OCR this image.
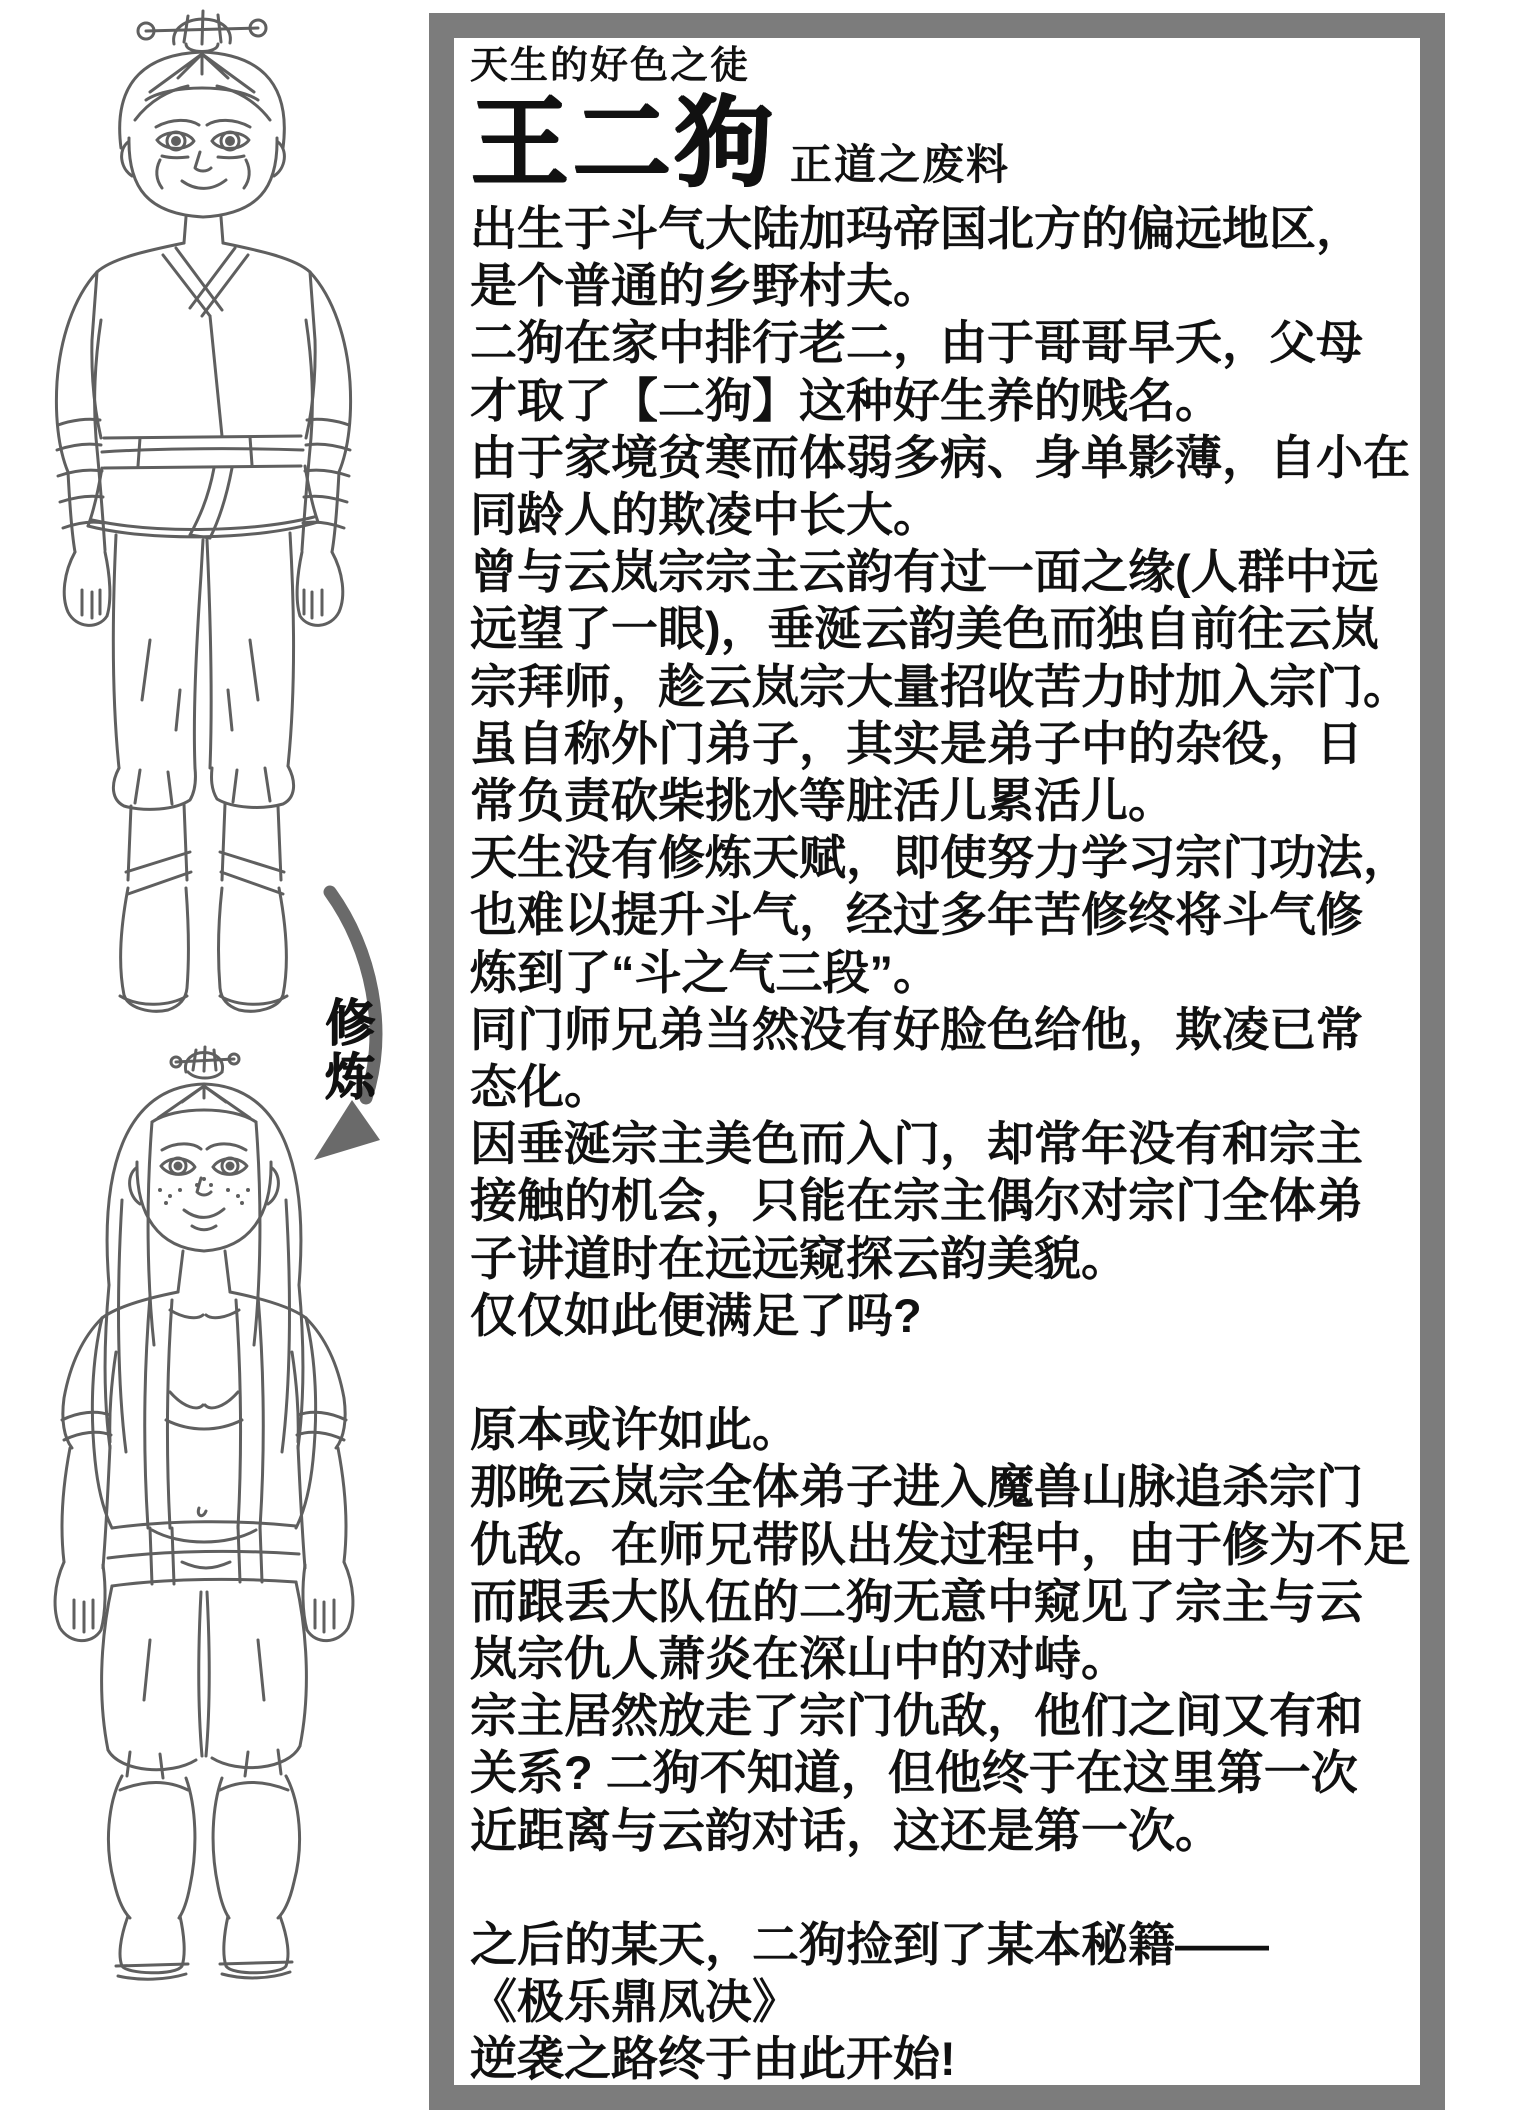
修炼
天生的好色之徒
王二狗 正道之废料
出生于斗气大陆加玛帝国北方的偏远地区，
是个普通的乡野村夫。
二狗在家中排行老二，由于哥哥早夭，父母
才取了【二狗】这种好生养的贱名。
由于家境贫寒而体弱多病、身单影薄，自小在
同龄人的欺凌中长大。
曾与云岚宗宗主云韵有过一面之缘(人群中远
远望了一眼)，垂涎云韵美色而独自前往云岚
宗拜师，趁云岚宗大量招收苦力时加入宗门。
虽自称外门弟子，其实是弟子中的杂役，日
常负责砍柴挑水等脏活儿累活儿。
天生没有修炼天赋，即使努力学习宗门功法，
也难以提升斗气，经过多年苦修终将斗气修
炼到了“斗之气三段”。
同门师兄弟当然没有好脸色给他，欺凌已常
态化。
因垂涎宗主美色而入门，却常年没有和宗主
接触的机会，只能在宗主偶尔对宗门全体弟
子讲道时在远远窥探云韵美貌。
仅仅如此便满足了吗?
原本或许如此。
那晚云岚宗全体弟子进入魔兽山脉追杀宗门
仇敌。在师兄带队出发过程中，由于修为不足
而跟丢大队伍的二狗无意中窥见了宗主与云
岚宗仇人萧炎在深山中的对峙。
宗主居然放走了宗门仇敌，他们之间又有和
关系? 二狗不知道，但他终于在这里第一次
近距离与云韵对话，这还是第一次。
之后的某天，二狗捡到了某本秘籍——
《极乐鼎凤决》
逆袭之路终于由此开始!
